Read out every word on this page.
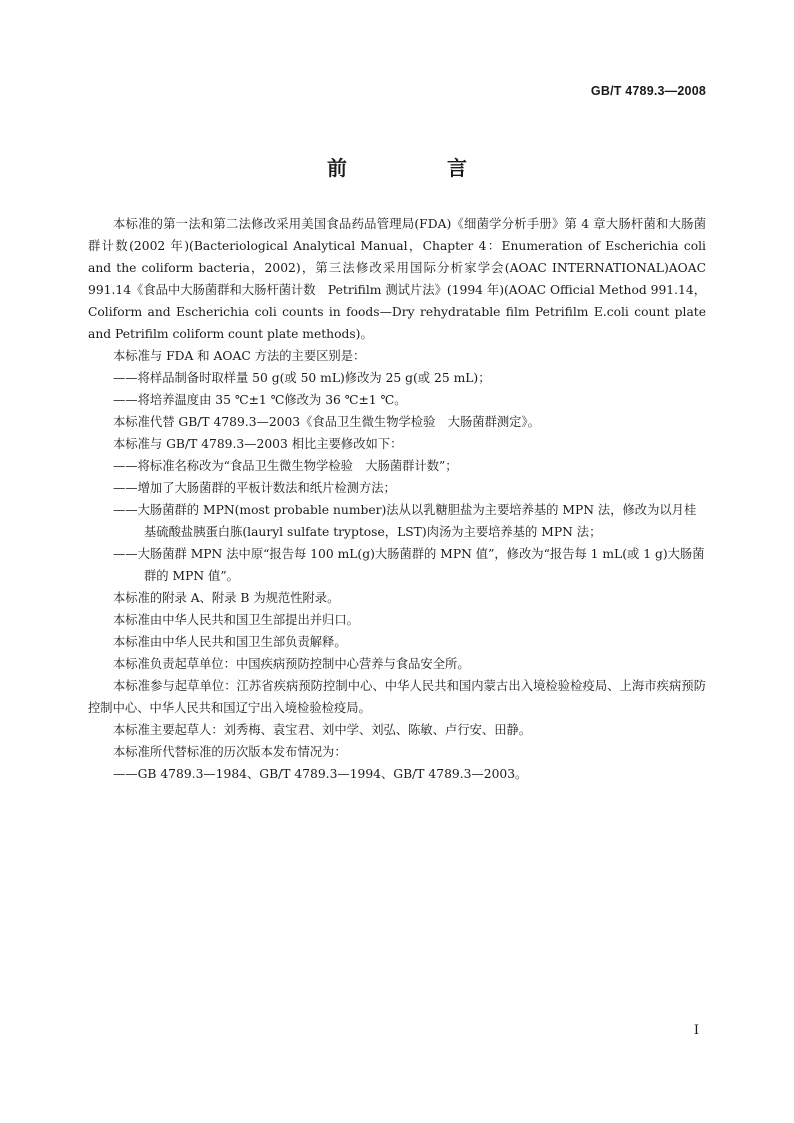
GB/T 4789.3—2008
前　言

本标准的第一法和第二法修改采用美国食品药品管理局(FDA)《细菌学分析手册》第 4 章大肠杆菌和大肠菌群计数(2002 年)(Bacteriological Analytical Manual，Chapter 4：Enumeration of Escherichia coli and the coliform bacteria，2002)，第三法修改采用国际分析家学会(AOAC INTERNATIONAL)AOAC 991.14《食品中大肠菌群和大肠杆菌计数　Petrifilm 测试片法》(1994 年)(AOAC Official Method 991.14，Coliform and Escherichia coli counts in foods—Dry rehydratable film Petrifilm E.coli count plate and Petrifilm coliform count plate methods)。

本标准与 FDA 和 AOAC 方法的主要区别是：

——将样品制备时取样量 50 g(或 50 mL)修改为 25 g(或 25 mL)；

——将培养温度由 35 ℃±1 ℃修改为 36 ℃±1 ℃。

本标准代替 GB/T 4789.3—2003《食品卫生微生物学检验　大肠菌群测定》。

本标准与 GB/T 4789.3—2003 相比主要修改如下：

——将标准名称改为“食品卫生微生物学检验　大肠菌群计数”；

——增加了大肠菌群的平板计数法和纸片检测方法；

——大肠菌群的 MPN(most probable number)法从以乳糖胆盐为主要培养基的 MPN 法，修改为以月桂基硫酸盐胰蛋白胨(lauryl sulfate tryptose，LST)肉汤为主要培养基的 MPN 法；

——大肠菌群 MPN 法中原“报告每 100 mL(g)大肠菌群的 MPN 值”，修改为“报告每 1 mL(或 1 g)大肠菌群的 MPN 值”。

本标准的附录 A、附录 B 为规范性附录。

本标准由中华人民共和国卫生部提出并归口。

本标准由中华人民共和国卫生部负责解释。

本标准负责起草单位：中国疾病预防控制中心营养与食品安全所。

本标准参与起草单位：江苏省疾病预防控制中心、中华人民共和国内蒙古出入境检验检疫局、上海市疾病预防控制中心、中华人民共和国辽宁出入境检验检疫局。

本标准主要起草人：刘秀梅、袁宝君、刘中学、刘弘、陈敏、卢行安、田静。

本标准所代替标准的历次版本发布情况为：

——GB 4789.3—1984、GB/T 4789.3—1994、GB/T 4789.3—2003。

I
